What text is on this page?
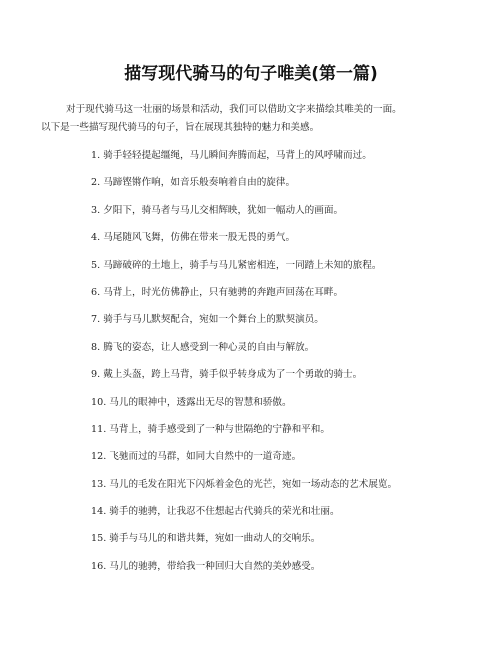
描写现代骑马的句子唯美(第一篇)
对于现代骑马这一壮丽的场景和活动，我们可以借助文字来描绘其唯美的一面。
以下是一些描写现代骑马的句子，旨在展现其独特的魅力和美感。
1. 骑手轻轻提起缰绳，马儿瞬间奔腾而起，马背上的风呼啸而过。
2. 马蹄铿锵作响，如音乐般奏响着自由的旋律。
3. 夕阳下，骑马者与马儿交相辉映，犹如一幅动人的画面。
4. 马尾随风飞舞，仿佛在带来一股无畏的勇气。
5. 马蹄破碎的土地上，骑手与马儿紧密相连，一同踏上未知的旅程。
6. 马背上，时光仿佛静止，只有驰骋的奔跑声回荡在耳畔。
7. 骑手与马儿默契配合，宛如一个舞台上的默契演员。
8. 腾飞的姿态，让人感受到一种心灵的自由与解放。
9. 戴上头盔，跨上马背，骑手似乎转身成为了一个勇敢的骑士。
10. 马儿的眼神中，透露出无尽的智慧和骄傲。
11. 马背上，骑手感受到了一种与世隔绝的宁静和平和。
12. 飞驰而过的马群，如同大自然中的一道奇迹。
13. 马儿的毛发在阳光下闪烁着金色的光芒，宛如一场动态的艺术展览。
14. 骑手的驰骋，让我忍不住想起古代骑兵的荣光和壮丽。
15. 骑手与马儿的和谐共舞，宛如一曲动人的交响乐。
16. 马儿的驰骋，带给我一种回归大自然的美妙感受。
